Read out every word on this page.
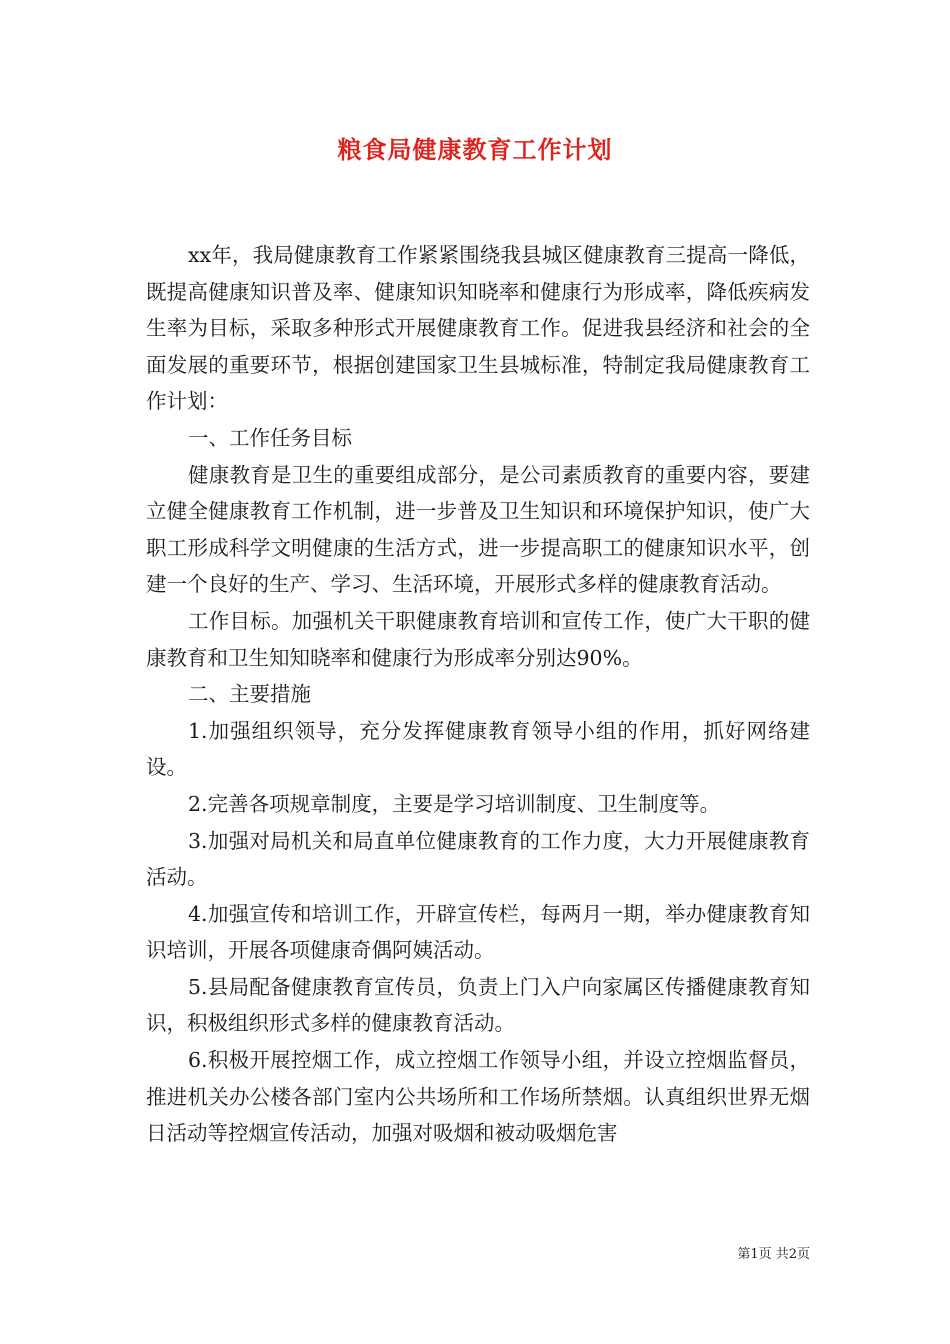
粮食局健康教育工作计划

xx年，我局健康教育工作紧紧围绕我县城区健康教育三提高一降低，既提高健康知识普及率、健康知识知晓率和健康行为形成率，降低疾病发生率为目标，采取多种形式开展健康教育工作。促进我县经济和社会的全面发展的重要环节，根据创建国家卫生县城标准，特制定我局健康教育工作计划：

一、工作任务目标

健康教育是卫生的重要组成部分，是公司素质教育的重要内容，要建立健全健康教育工作机制，进一步普及卫生知识和环境保护知识，使广大职工形成科学文明健康的生活方式，进一步提高职工的健康知识水平，创建一个良好的生产、学习、生活环境，开展形式多样的健康教育活动。

工作目标。加强机关干职健康教育培训和宣传工作，使广大干职的健康教育和卫生知知晓率和健康行为形成率分别达90%。

二、主要措施

1.加强组织领导，充分发挥健康教育领导小组的作用，抓好网络建设。

2.完善各项规章制度，主要是学习培训制度、卫生制度等。

3.加强对局机关和局直单位健康教育的工作力度，大力开展健康教育活动。

4.加强宣传和培训工作，开辟宣传栏，每两月一期，举办健康教育知识培训，开展各项健康奇偶阿姨活动。

5.县局配备健康教育宣传员，负责上门入户向家属区传播健康教育知识，积极组织形式多样的健康教育活动。

6.积极开展控烟工作，成立控烟工作领导小组，并设立控烟监督员，推进机关办公楼各部门室内公共场所和工作场所禁烟。认真组织世界无烟日活动等控烟宣传活动，加强对吸烟和被动吸烟危害

第1页 共2页
